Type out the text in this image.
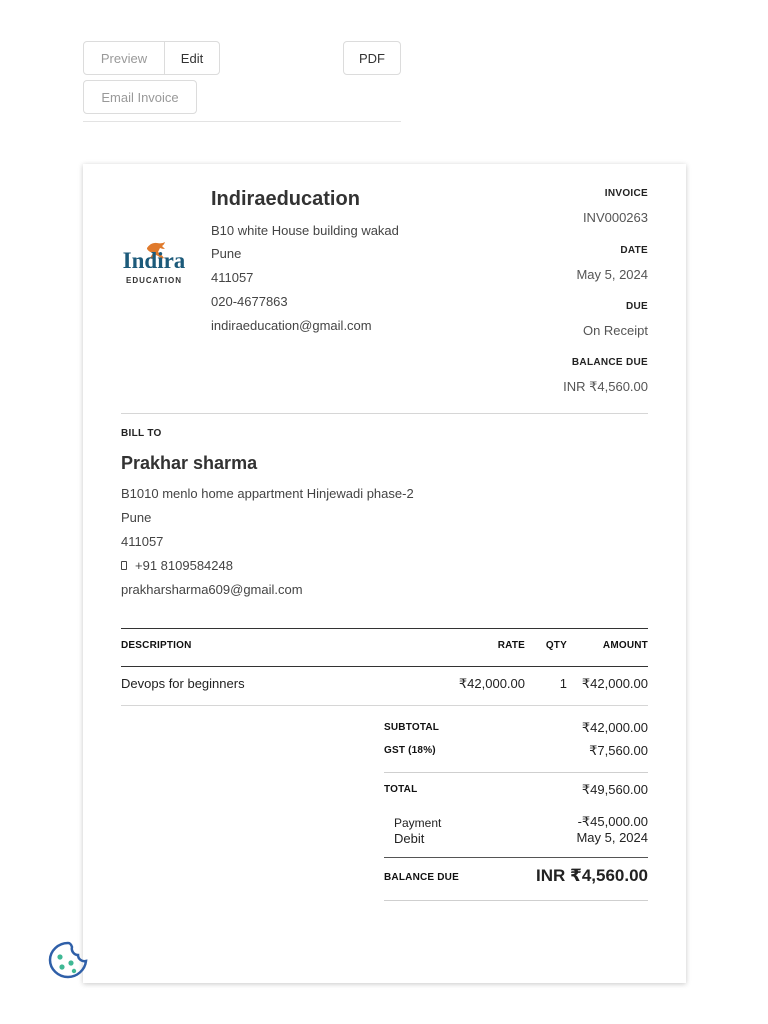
Preview	Edit	PDF
Email Invoice
Indira
EDUCATION
Indiraeducation
B10 white House building wakad
Pune
411057
020-4677863
indiraeducation@gmail.com
INVOICE
INV000263
DATE
May 5, 2024
DUE
On Receipt
BALANCE DUE
INR ₹4,560.00
BILL TO
Prakhar sharma
B1010 menlo home appartment Hinjewadi phase-2
Pune
411057
+91 8109584248
prakharsharma609@gmail.com
DESCRIPTION	RATE QTY	AMOUNT
Devops for beginners	₹42,000.00	1 ₹42,000.00
SUBTOTAL	₹42,000.00
GST (18%)	₹7,560.00
TOTAL	₹49,560.00
Payment	-₹45,000.00
Debit	May 5, 2024
BALANCE DUE	INR ₹4,560.00
